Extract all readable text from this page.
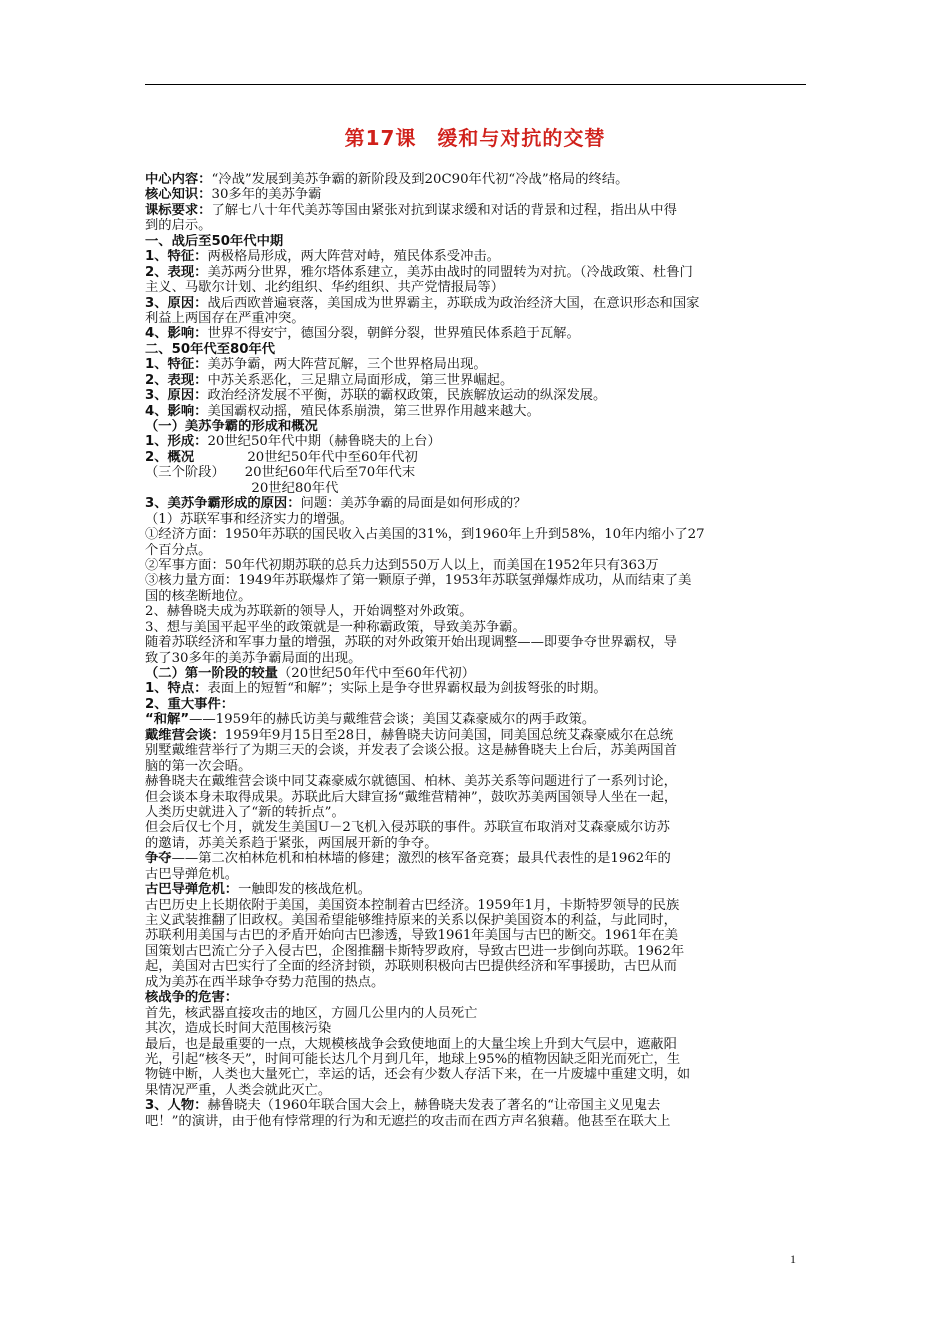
第17课　缓和与对抗的交替
中心内容：“冷战”发展到美苏争霸的新阶段及到20C90年代初“冷战”格局的终结。
核心知识：30多年的美苏争霸
课标要求：了解七八十年代美苏等国由紧张对抗到谋求缓和对话的背景和过程，指出从中得
到的启示。
一、战后至50年代中期
1、特征：两极格局形成，两大阵营对峙，殖民体系受冲击。
2、表现：美苏两分世界，雅尔塔体系建立，美苏由战时的同盟转为对抗。（冷战政策、杜鲁门
主义、马歇尔计划、北约组织、华约组织、共产党情报局等）
3、原因：战后西欧普遍衰落，美国成为世界霸主，苏联成为政治经济大国，在意识形态和国家
利益上两国存在严重冲突。
4、影响：世界不得安宁，德国分裂，朝鲜分裂，世界殖民体系趋于瓦解。
二、50年代至80年代
1、特征：美苏争霸，两大阵营瓦解，三个世界格局出现。
2、表现：中苏关系恶化，三足鼎立局面形成，第三世界崛起。
3、原因：政治经济发展不平衡，苏联的霸权政策，民族解放运动的纵深发展。
4、影响：美国霸权动摇，殖民体系崩溃，第三世界作用越来越大。
（一）美苏争霸的形成和概况
1、形成：20世纪50年代中期（赫鲁晓夫的上台）
2、概况　　　　20世纪50年代中至60年代初
（三个阶段）　　20世纪60年代后至70年代末
　　　　　　　　20世纪80年代
3、美苏争霸形成的原因：问题：美苏争霸的局面是如何形成的？
（1）苏联军事和经济实力的增强。
①经济方面：1950年苏联的国民收入占美国的31%，到1960年上升到58%，10年内缩小了27
个百分点。
②军事方面：50年代初期苏联的总兵力达到550万人以上，而美国在1952年只有363万
③核力量方面：1949年苏联爆炸了第一颗原子弹，1953年苏联氢弹爆炸成功，从而结束了美
国的核垄断地位。
2、赫鲁晓夫成为苏联新的领导人，开始调整对外政策。
3、想与美国平起平坐的政策就是一种称霸政策，导致美苏争霸。
随着苏联经济和军事力量的增强，苏联的对外政策开始出现调整——即要争夺世界霸权，导
致了30多年的美苏争霸局面的出现。
（二）第一阶段的较量（20世纪50年代中至60年代初）
1、特点：表面上的短暂“和解”；实际上是争夺世界霸权最为剑拔弩张的时期。
2、重大事件：
“和解”——1959年的赫氏访美与戴维营会谈；美国艾森豪威尔的两手政策。
戴维营会谈：1959年9月15日至28日，赫鲁晓夫访问美国，同美国总统艾森豪威尔在总统
别墅戴维营举行了为期三天的会谈，并发表了会谈公报。这是赫鲁晓夫上台后，苏美两国首
脑的第一次会晤。
赫鲁晓夫在戴维营会谈中同艾森豪威尔就德国、柏林、美苏关系等问题进行了一系列讨论，
但会谈本身未取得成果。苏联此后大肆宣扬“戴维营精神”，鼓吹苏美两国领导人坐在一起，
人类历史就进入了“新的转折点”。
但会后仅七个月，就发生美国U－2飞机入侵苏联的事件。苏联宣布取消对艾森豪威尔访苏
的邀请，苏美关系趋于紧张，两国展开新的争夺。
争夺——第二次柏林危机和柏林墙的修建；激烈的核军备竞赛；最具代表性的是1962年的
古巴导弹危机。
古巴导弹危机：一触即发的核战危机。
古巴历史上长期依附于美国，美国资本控制着古巴经济。1959年1月，卡斯特罗领导的民族
主义武装推翻了旧政权。美国希望能够维持原来的关系以保护美国资本的利益，与此同时，
苏联利用美国与古巴的矛盾开始向古巴渗透，导致1961年美国与古巴的断交。1961年在美
国策划古巴流亡分子入侵古巴，企图推翻卡斯特罗政府，导致古巴进一步倒向苏联。1962年
起，美国对古巴实行了全面的经济封锁，苏联则积极向古巴提供经济和军事援助，古巴从而
成为美苏在西半球争夺势力范围的热点。
核战争的危害：
首先，核武器直接攻击的地区，方圆几公里内的人员死亡
其次，造成长时间大范围核污染
最后，也是最重要的一点，大规模核战争会致使地面上的大量尘埃上升到大气层中，遮蔽阳
光，引起“核冬天”，时间可能长达几个月到几年，地球上95%的植物因缺乏阳光而死亡，生
物链中断，人类也大量死亡，幸运的话，还会有少数人存活下来，在一片废墟中重建文明，如
果情况严重，人类会就此灭亡。
3、人物：赫鲁晓夫（1960年联合国大会上，赫鲁晓夫发表了著名的“让帝国主义见鬼去
吧！”的演讲，由于他有悖常理的行为和无遮拦的攻击而在西方声名狼藉。他甚至在联大上
1
